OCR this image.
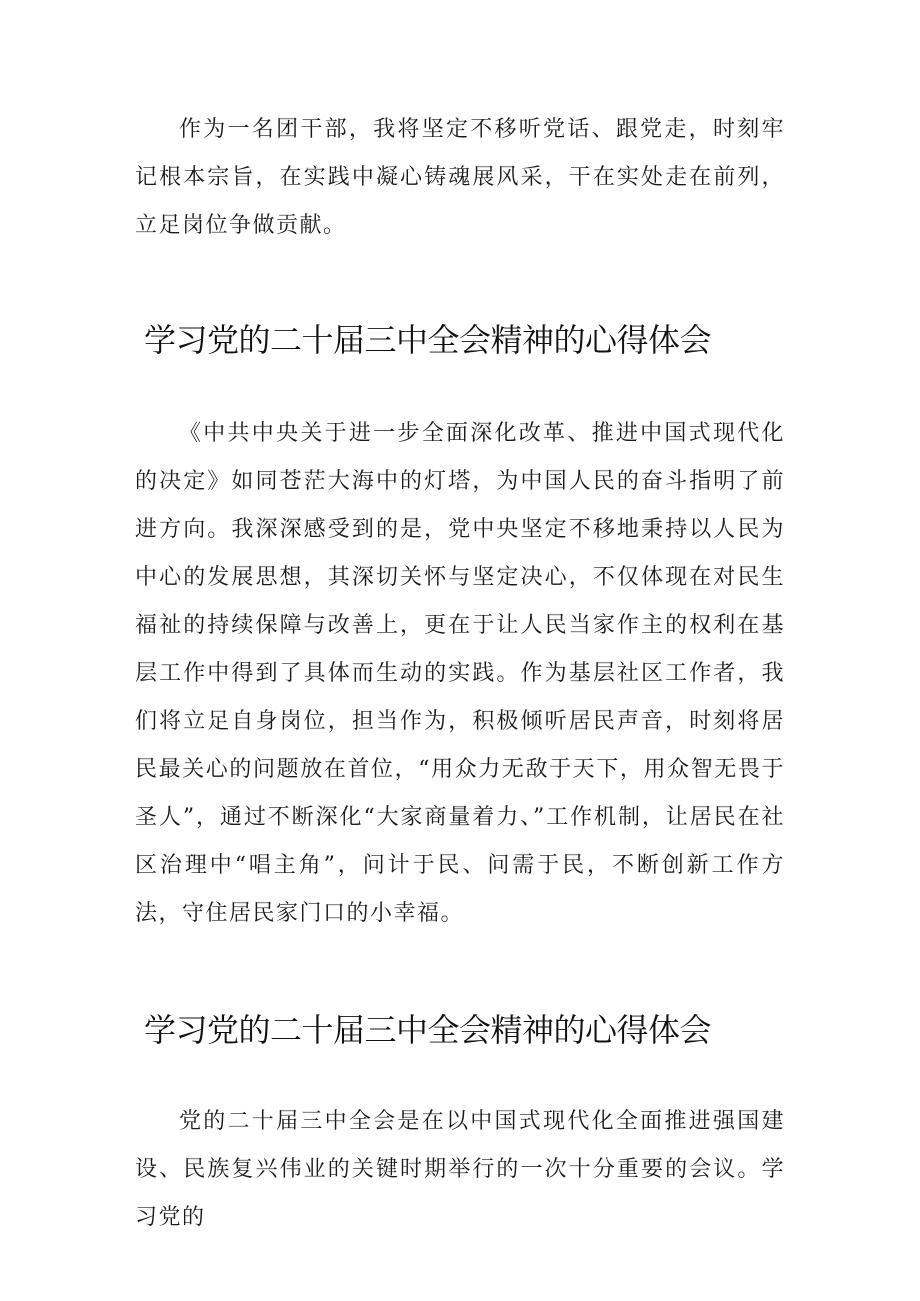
作为一名团干部，我将坚定不移听党话、跟党走，时刻牢记根本宗旨，在实践中凝心铸魂展风采，干在实处走在前列，立足岗位争做贡献。

学习党的二十届三中全会精神的心得体会

《中共中央关于进一步全面深化改革、推进中国式现代化的决定》如同苍茫大海中的灯塔，为中国人民的奋斗指明了前进方向。我深深感受到的是，党中央坚定不移地秉持以人民为中心的发展思想，其深切关怀与坚定决心，不仅体现在对民生福祉的持续保障与改善上，更在于让人民当家作主的权利在基层工作中得到了具体而生动的实践。作为基层社区工作者，我们将立足自身岗位，担当作为，积极倾听居民声音，时刻将居民最关心的问题放在首位，“用众力无敌于天下，用众智无畏于圣人”，通过不断深化“大家商量着力、”工作机制，让居民在社区治理中“唱主角”，问计于民、问需于民，不断创新工作方法，守住居民家门口的小幸福。

学习党的二十届三中全会精神的心得体会

党的二十届三中全会是在以中国式现代化全面推进强国建设、民族复兴伟业的关键时期举行的一次十分重要的会议。学习党的
